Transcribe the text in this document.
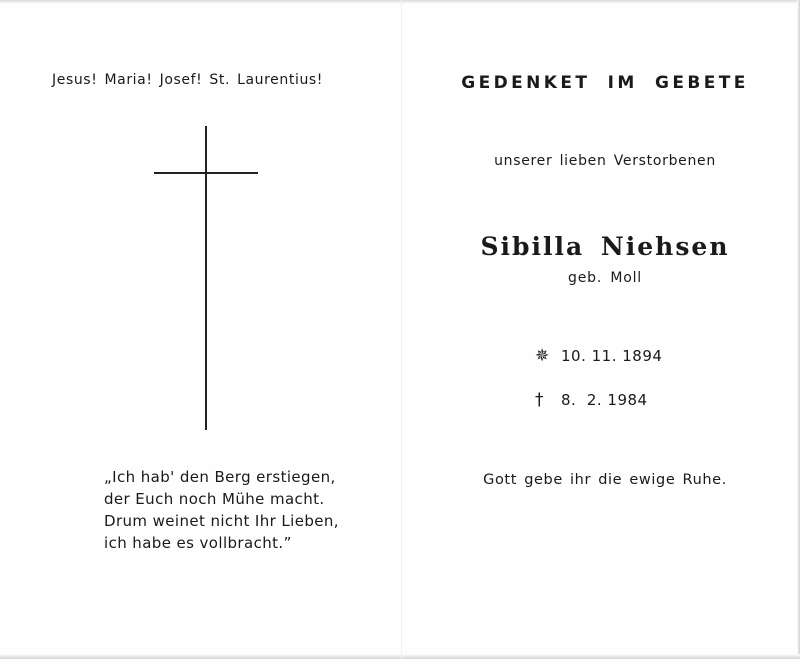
Jesus! Maria! Josef! St. Laurentius!
„Ich hab' den Berg erstiegen,
der Euch noch Mühe macht.
Drum weinet nicht Ihr Lieben,
ich habe es vollbracht.”
GEDENKET IM GEBETE
unserer lieben Verstorbenen
Sibilla Niehsen
geb. Moll
✵ 10. 11. 1894
† 8.  2. 1984
Gott gebe ihr die ewige Ruhe.
